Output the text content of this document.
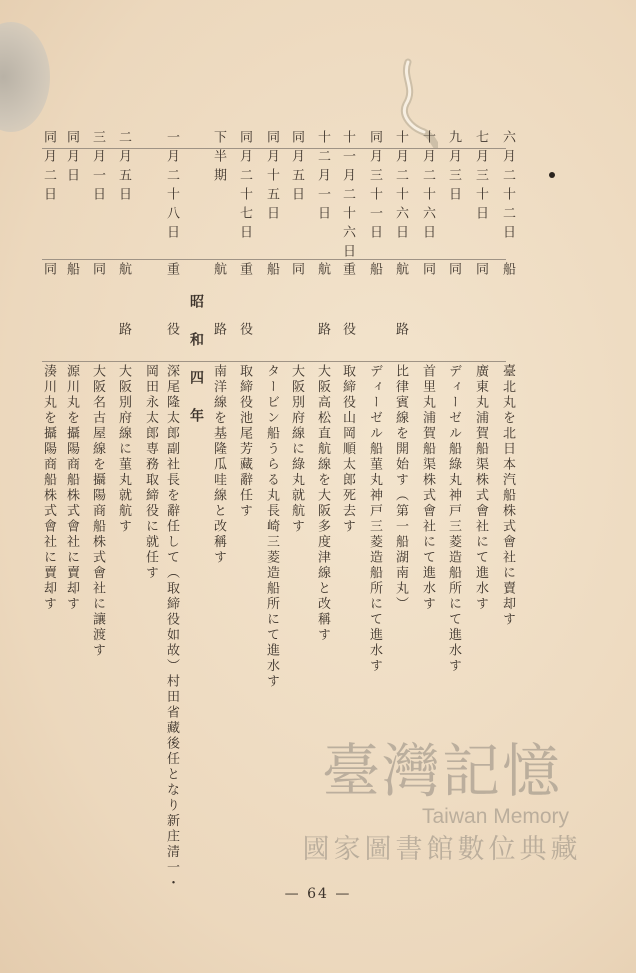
六月二十二日
船
臺北丸を北日本汽船株式會社に賣却す
七月三十日
同
廣東丸浦賀船渠株式會社にて進水す
九月三日
同
ディーゼル船綠丸神戸三菱造船所にて進水す
十月二十六日
同
首里丸浦賀船渠株式會社にて進水す
十月二十六日
航路
比律賓線を開始す（第一船湖南丸）
同月三十一日
船
ディーゼル船菫丸神戸三菱造船所にて進水す
十一月二十六日
重役
取締役山岡順太郎死去す
十二月一日
航路
大阪高松直航線を大阪多度津線と改稱す
同月五日
同
大阪別府線に綠丸就航す
同月十五日
船
タービン船うらる丸長崎三菱造船所にて進水す
同月二十七日
重役
取締役池尾芳藏辭任す
下半期
航路
南洋線を基隆瓜哇線と改稱す
一月二十八日
重役
深尾隆太郎副社長を辭任して（取締役如故）村田省藏後任となり新庄清一・
岡田永太郎専務取締役に就任す
二月五日
航路
大阪別府線に菫丸就航す
三月一日
同
大阪名古屋線を攝陽商船株式會社に讓渡す
同月日
船
源川丸を攝陽商船株式會社に賣却す
同月二日
同
湊川丸を攝陽商船株式會社に賣却す	昭和四年
— 64 —
臺灣記憶
Taiwan Memory
國家圖書館數位典藏
